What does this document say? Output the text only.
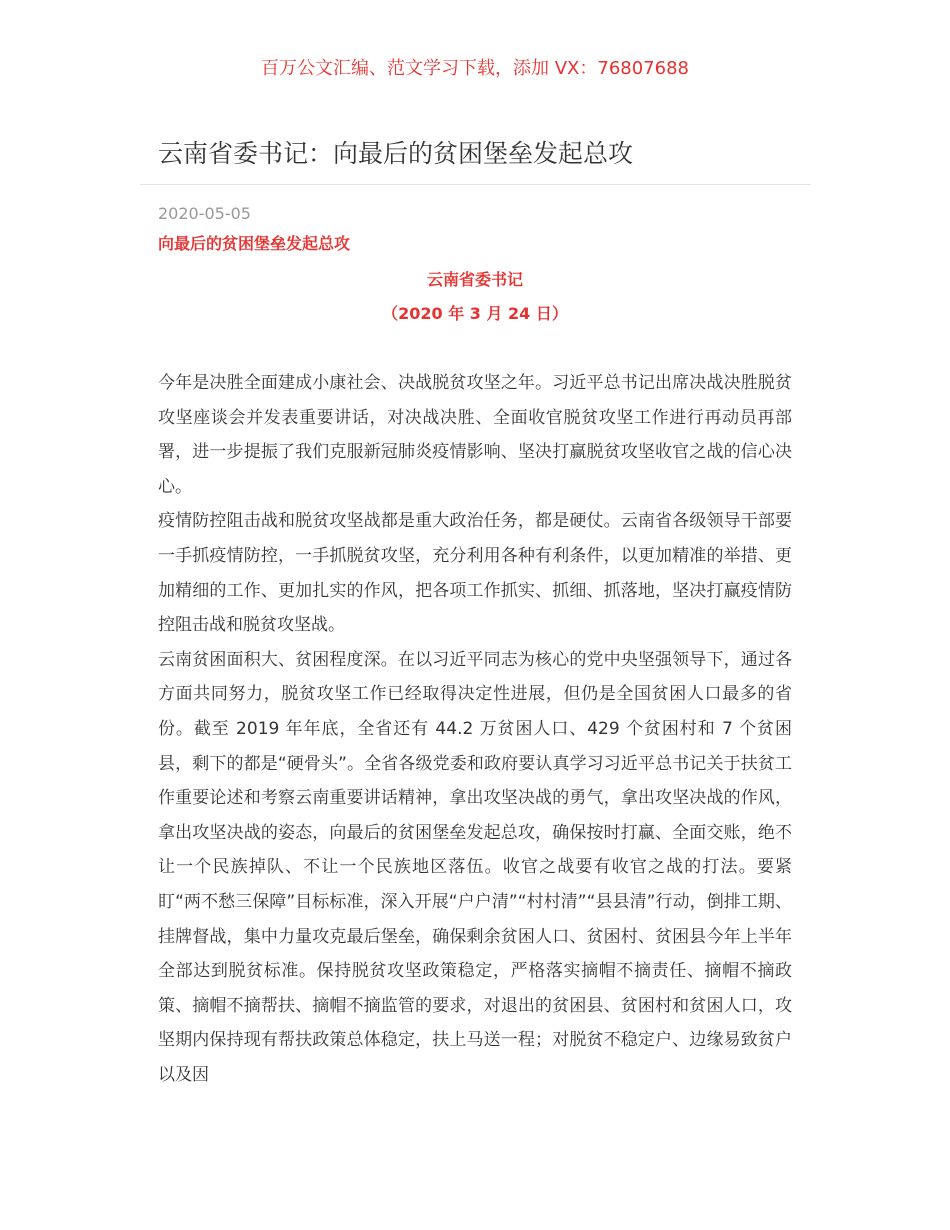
百万公文汇编、范文学习下载，添加 VX：76807688
云南省委书记：向最后的贫困堡垒发起总攻
2020-05-05
向最后的贫困堡垒发起总攻
云南省委书记
（2020 年 3 月 24 日）

今年是决胜全面建成小康社会、决战脱贫攻坚之年。习近平总书记出席决战决胜脱贫攻坚座谈会并发表重要讲话，对决战决胜、全面收官脱贫攻坚工作进行再动员再部署，进一步提振了我们克服新冠肺炎疫情影响、坚决打赢脱贫攻坚收官之战的信心决心。

疫情防控阻击战和脱贫攻坚战都是重大政治任务，都是硬仗。云南省各级领导干部要一手抓疫情防控，一手抓脱贫攻坚，充分利用各种有利条件，以更加精准的举措、更加精细的工作、更加扎实的作风，把各项工作抓实、抓细、抓落地，坚决打赢疫情防控阻击战和脱贫攻坚战。

云南贫困面积大、贫困程度深。在以习近平同志为核心的党中央坚强领导下，通过各方面共同努力，脱贫攻坚工作已经取得决定性进展，但仍是全国贫困人口最多的省份。截至 2019 年年底，全省还有 44.2 万贫困人口、429 个贫困村和 7 个贫困县，剩下的都是“硬骨头”。全省各级党委和政府要认真学习习近平总书记关于扶贫工作重要论述和考察云南重要讲话精神，拿出攻坚决战的勇气，拿出攻坚决战的作风，拿出攻坚决战的姿态，向最后的贫困堡垒发起总攻，确保按时打赢、全面交账，绝不让一个民族掉队、不让一个民族地区落伍。收官之战要有收官之战的打法。要紧盯“两不愁三保障”目标标准，深入开展“户户清”“村村清”“县县清”行动，倒排工期、挂牌督战，集中力量攻克最后堡垒，确保剩余贫困人口、贫困村、贫困县今年上半年全部达到脱贫标准。保持脱贫攻坚政策稳定，严格落实摘帽不摘责任、摘帽不摘政策、摘帽不摘帮扶、摘帽不摘监管的要求，对退出的贫困县、贫困村和贫困人口，攻坚期内保持现有帮扶政策总体稳定，扶上马送一程；对脱贫不稳定户、边缘易致贫户以及因
